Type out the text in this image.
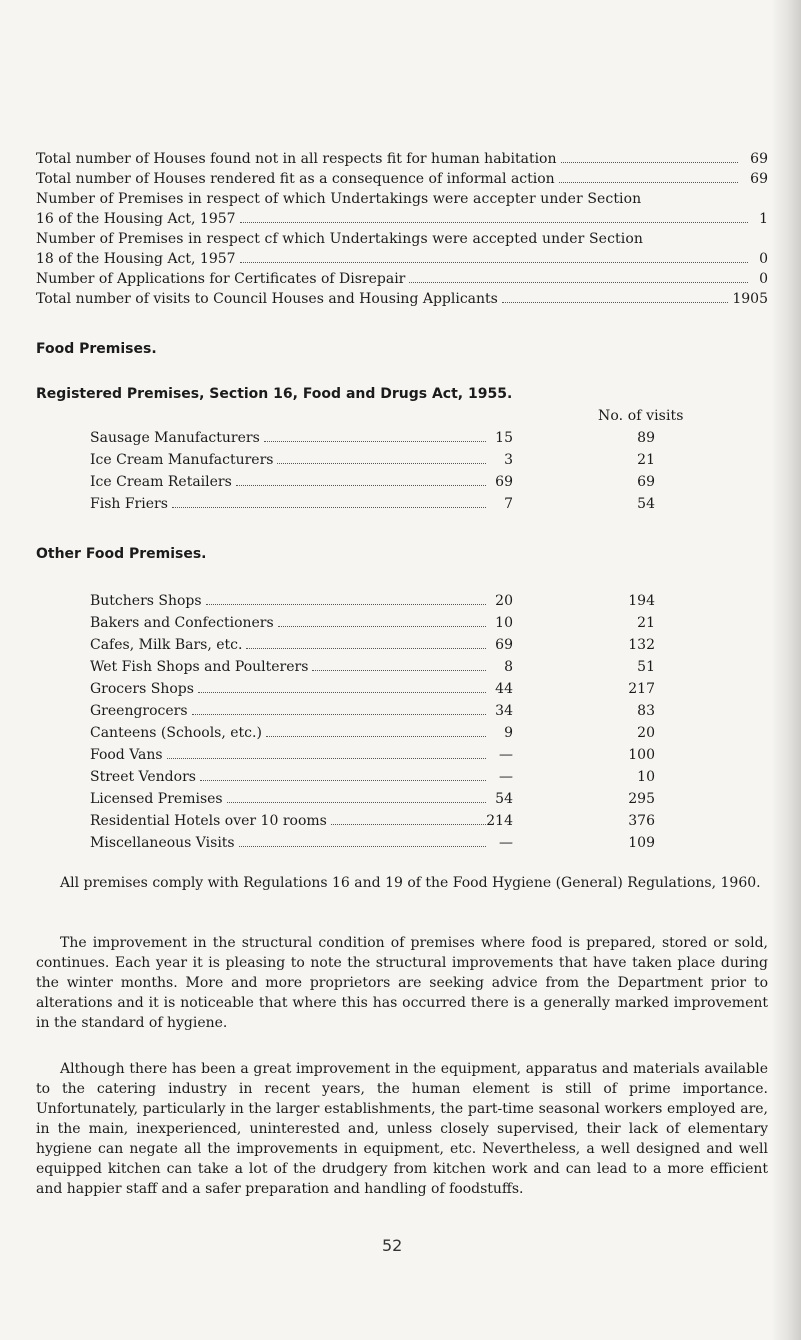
Total number of Houses found not in all respects fit for human habitation	69
Total number of Houses rendered fit as a consequence of informal action	69
Number of Premises in respect of which Undertakings were accepter under Section
16 of the Housing Act, 1957	1
Number of Premises in respect cf which Undertakings were accepted under Section
18 of the Housing Act, 1957	0
Number of Applications for Certificates of Disrepair	0
Total number of visits to Council Houses and Housing Applicants	1905
Food Premises.
Registered Premises, Section 16, Food and Drugs Act, 1955.
No. of visits
Sausage Manufacturers	15	89
Ice Cream Manufacturers	3	21
Ice Cream Retailers	69	69
Fish Friers	7	54
Other Food Premises.
Butchers Shops	20	194
Bakers and Confectioners	10	21
Cafes, Milk Bars, etc.	69	132
Wet Fish Shops and Poulterers	8	51
Grocers Shops	44	217
Greengrocers	34	83
Canteens (Schools, etc.)	9	20
Food Vans	—	100
Street Vendors	—	10
Licensed Premises	54	295
Residential Hotels over 10 rooms	214	376
Miscellaneous Visits	—	109
All premises comply with Regulations 16 and 19 of the Food Hygiene (General) Regulations, 1960.
The improvement in the structural condition of premises where food is prepared, stored or sold, continues. Each year it is pleasing to note the structural improvements that have taken place during the winter months. More and more proprietors are seeking advice from the Department prior to alterations and it is noticeable that where this has occurred there is a generally marked improvement in the standard of hygiene.
Although there has been a great improvement in the equipment, apparatus and materials available to the catering industry in recent years, the human element is still of prime importance. Unfortunately, particularly in the larger establishments, the part-time seasonal workers employed are, in the main, inexperienced, uninterested and, unless closely supervised, their lack of elementary hygiene can negate all the improvements in equipment, etc. Nevertheless, a well designed and well equipped kitchen can take a lot of the drudgery from kitchen work and can lead to a more efficient and happier staff and a safer preparation and handling of foodstuffs.
52
